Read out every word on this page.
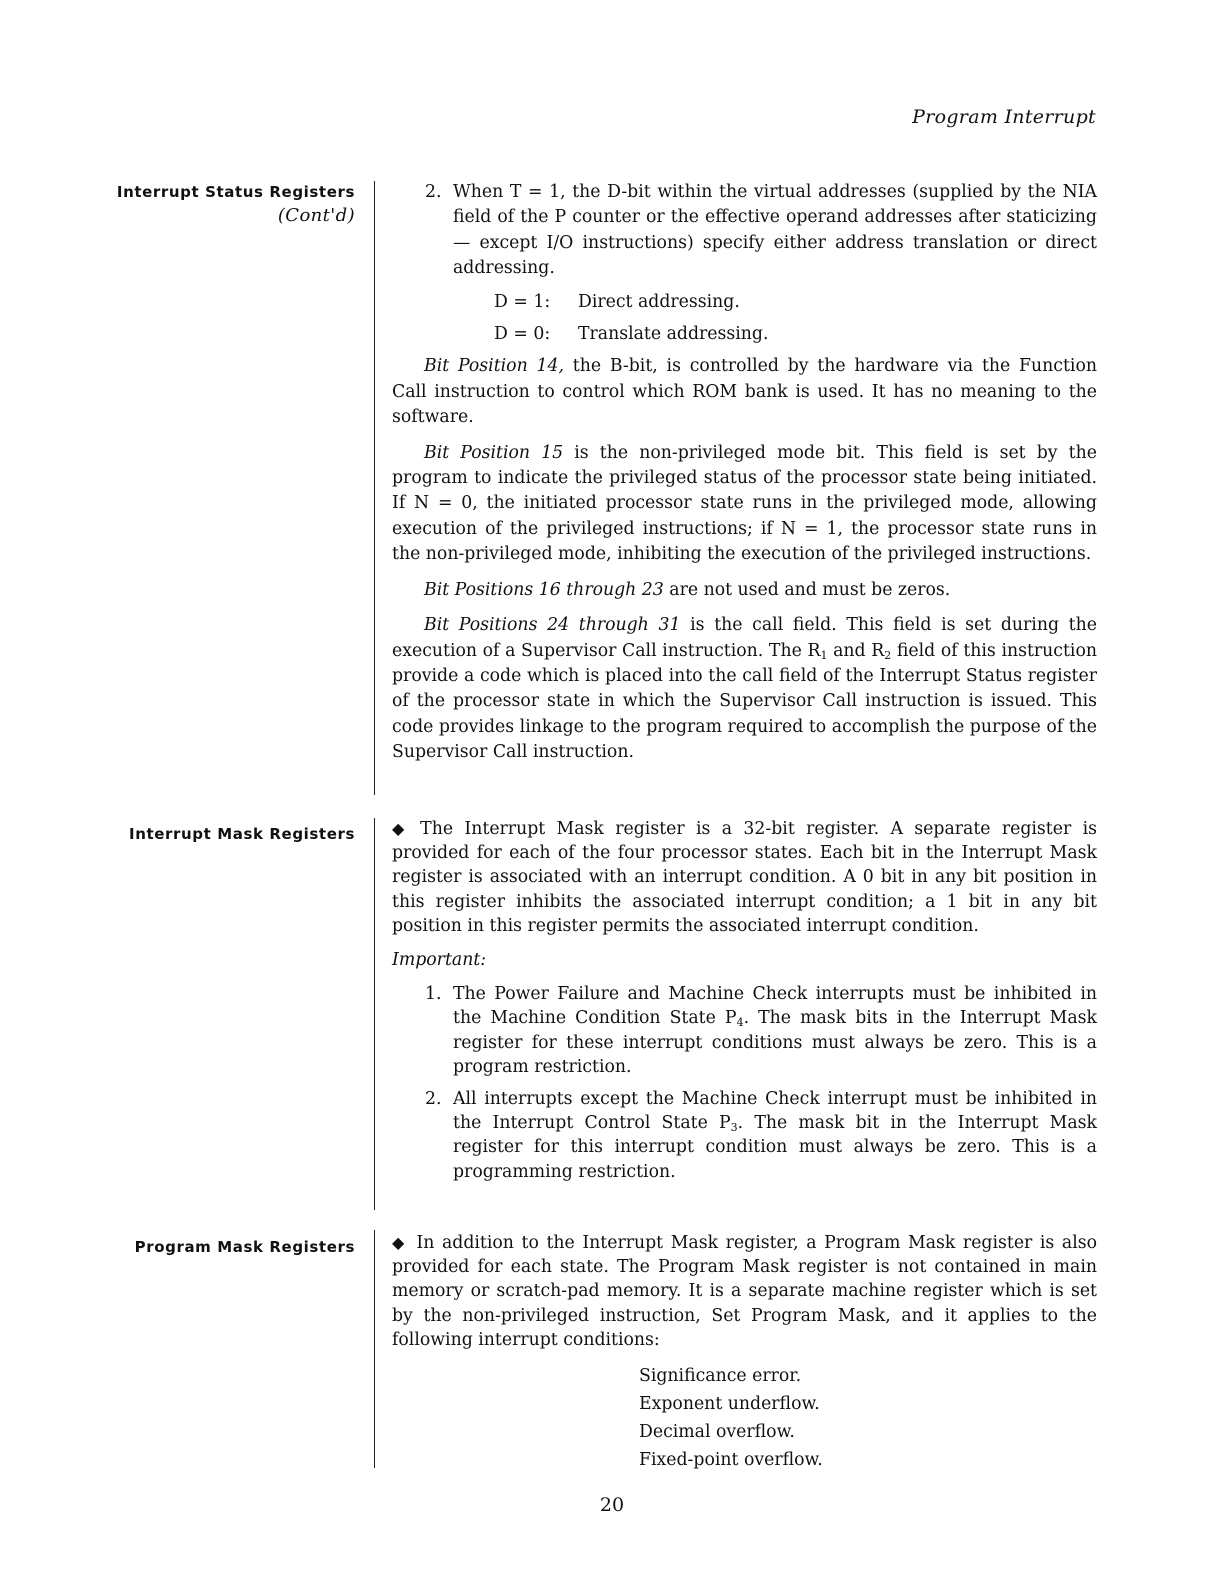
Program Interrupt
Interrupt Status Registers
(Cont'd)
2. When T = 1, the D-bit within the virtual addresses (supplied by the NIA field of the P counter or the effective operand addresses after staticizing — except I/O instructions) specify either address translation or direct addressing.
D = 1: Direct addressing.
D = 0: Translate addressing.

Bit Position 14, the B-bit, is controlled by the hardware via the Function Call instruction to control which ROM bank is used. It has no meaning to the software.

Bit Position 15 is the non-privileged mode bit. This field is set by the program to indicate the privileged status of the processor state being initiated. If N = 0, the initiated processor state runs in the privileged mode, allowing execution of the privileged instructions; if N = 1, the processor state runs in the non-privileged mode, inhibiting the execution of the privileged instructions.

Bit Positions 16 through 23 are not used and must be zeros.

Bit Positions 24 through 31 is the call field. This field is set during the execution of a Supervisor Call instruction. The $R_1$ and $R_2$ field of this instruction provide a code which is placed into the call field of the Interrupt Status register of the processor state in which the Supervisor Call instruction is issued. This code provides linkage to the program required to accomplish the purpose of the Supervisor Call instruction.

Interrupt Mask Registers ◆ The Interrupt Mask register is a 32-bit register. A separate register is provided for each of the four processor states. Each bit in the Interrupt Mask register is associated with an interrupt condition. A 0 bit in any bit position in this register inhibits the associated interrupt condition; a 1 bit in any bit position in this register permits the associated interrupt condition.

Important:

1. The Power Failure and Machine Check interrupts must be inhibited in the Machine Condition State $P_4$. The mask bits in the Interrupt Mask register for these interrupt conditions must always be zero. This is a program restriction.
2. All interrupts except the Machine Check interrupt must be inhibited in the Interrupt Control State $P_3$. The mask bit in the Interrupt Mask register for this interrupt condition must always be zero. This is a programming restriction.
Program Mask Registers ◆ In addition to the Interrupt Mask register, a Program Mask register is also provided for each state. The Program Mask register is not contained in main memory or scratch-pad memory. It is a separate machine register which is set by the non-privileged instruction, Set Program Mask, and it applies to the following interrupt conditions:

Significance error.
Exponent underflow.
Decimal overflow.
Fixed-point overflow.
20
